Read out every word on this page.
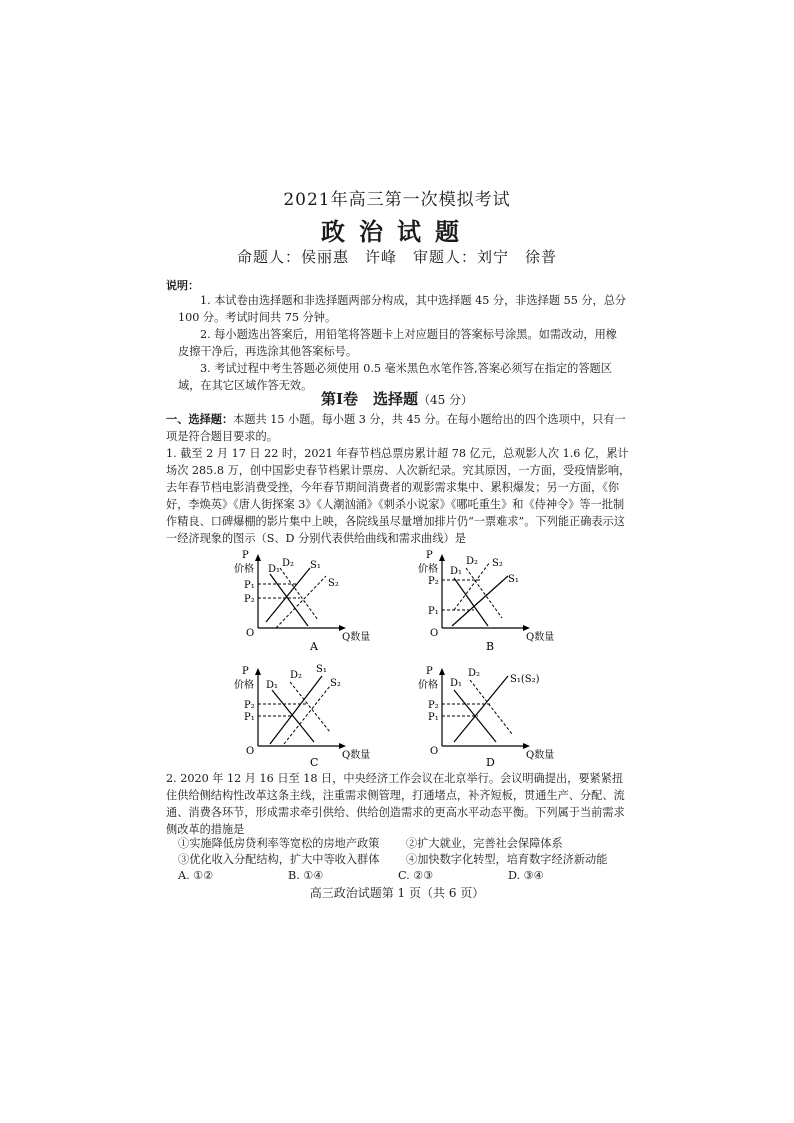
2021年高三第一次模拟考试
政治试题
命题人：侯丽惠 许峰 审题人：刘宁 徐普
说明：
1. 本试卷由选择题和非选择题两部分构成，其中选择题 45 分，非选择题 55 分，总分 100 分。考试时间共 75 分钟。
2. 每小题选出答案后，用铅笔将答题卡上对应题目的答案标号涂黑。如需改动，用橡皮擦干净后，再选涂其他答案标号。
3. 考试过程中考生答题必须使用 0.5 毫米黑色水笔作答,答案必须写在指定的答题区域，在其它区域作答无效。
第Ⅰ卷　选择题（45 分）
一、选择题：本题共 15 小题。每小题 3 分，共 45 分。在每小题给出的四个选项中，只有一项是符合题目要求的。
1. 截至 2 月 17 日 22 时，2021 年春节档总票房累计超 78 亿元，总观影人次 1.6 亿，累计场次 285.8 万，创中国影史春节档累计票房、人次新纪录。究其原因，一方面，受疫情影响，去年春节档电影消费受挫，今年春节期间消费者的观影需求集中、累积爆发；另一方面，《你好，李焕英》《唐人街探案 3》《人潮汹涌》《刺杀小说家》《哪吒重生》和《侍神令》等一批制作精良、口碑爆棚的影片集中上映，各院线虽尽量增加排片仍“一票难求”。下列能正确表示这一经济现象的图示（S、D 分别代表供给曲线和需求曲线）是
P
价格
P₁
P₂
D₁
D₂ S₁
S₂
O	Q数量
A
P
价格
P₂
P₁
D₁
D₂ S₂
S₁
O	Q数量
B
P
价格
P₂
P₁
D₁
D₂
S₁
S₂
O	Q数量
C
P
价格
P₂
P₁
D₁
D₂
S₁(S₂)
O	Q数量
D
2. 2020 年 12 月 16 日至 18 日，中央经济工作会议在北京举行。会议明确提出，要紧紧扭住供给侧结构性改革这条主线，注重需求侧管理，打通堵点，补齐短板，贯通生产、分配、流通、消费各环节，形成需求牵引供给、供给创造需求的更高水平动态平衡。下列属于当前需求侧改革的措施是
①实施降低房贷利率等宽松的房地产政策 ②扩大就业，完善社会保障体系
③优化收入分配结构，扩大中等收入群体 ④加快数字化转型，培育数字经济新动能
A. ①②	B. ①④	C. ②③	D. ③④
高三政治试题第 1 页（共 6 页）
